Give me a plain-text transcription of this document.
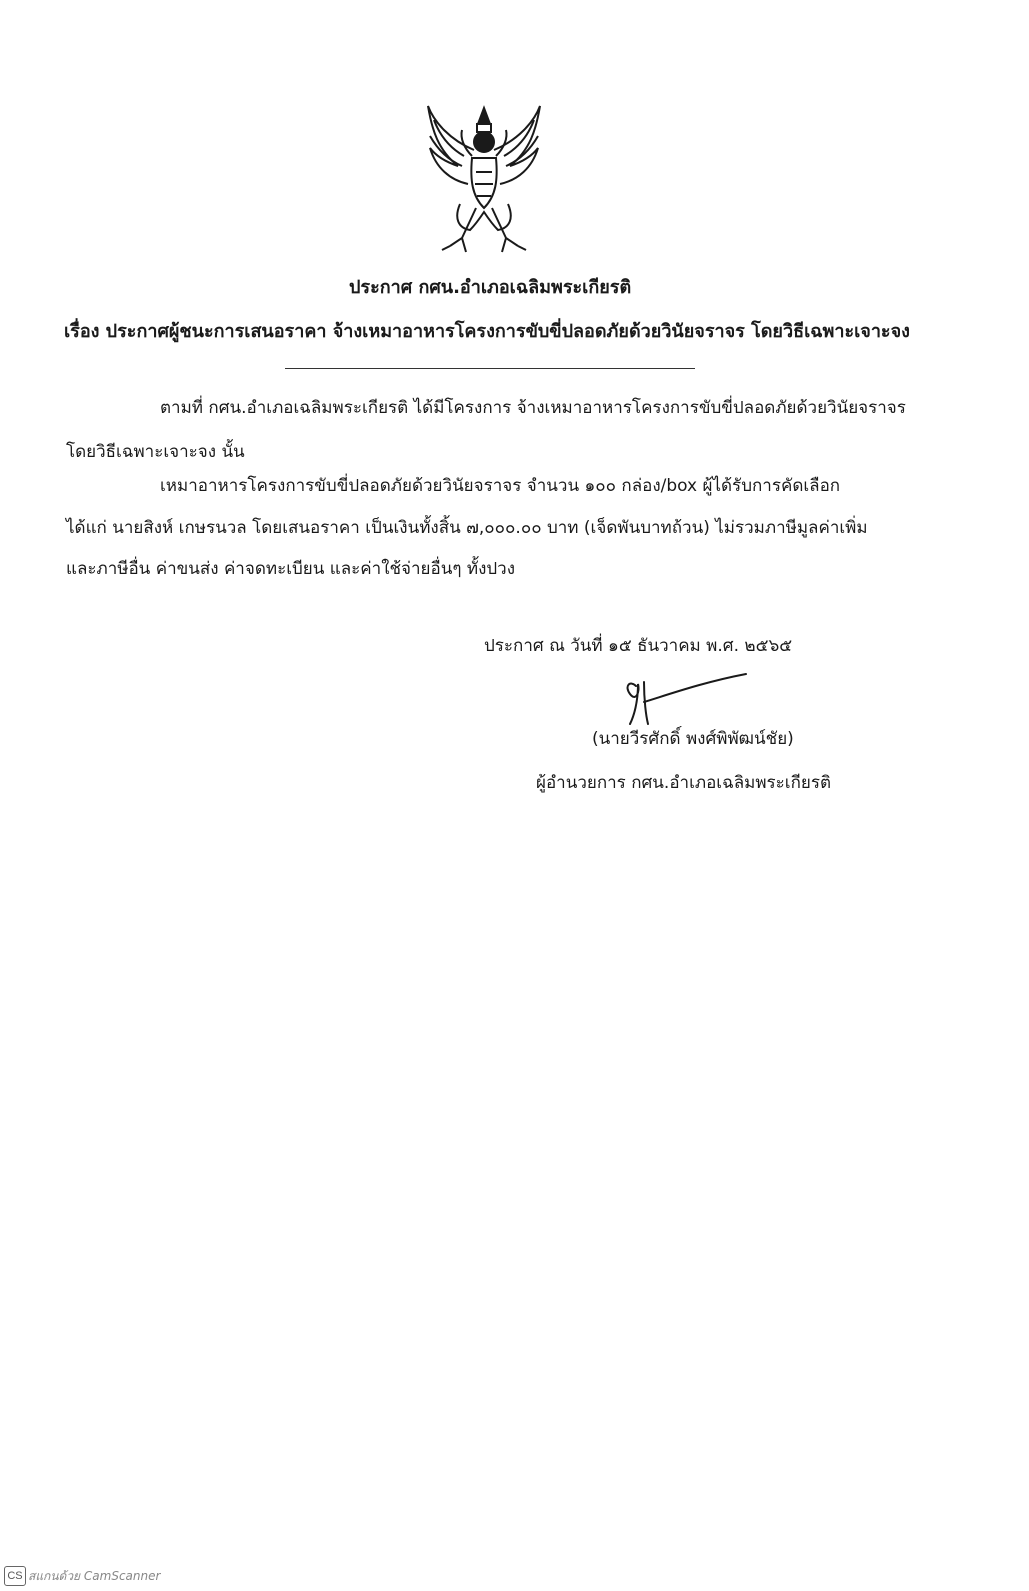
ประกาศ กศน.อำเภอเฉลิมพระเกียรติ
เรื่อง ประกาศผู้ชนะการเสนอราคา จ้างเหมาอาหารโครงการขับขี่ปลอดภัยด้วยวินัยจราจร โดยวิธีเฉพาะเจาะจง
ตามที่ กศน.อำเภอเฉลิมพระเกียรติ ได้มีโครงการ จ้างเหมาอาหารโครงการขับขี่ปลอดภัยด้วยวินัยจราจร
โดยวิธีเฉพาะเจาะจง นั้น
เหมาอาหารโครงการขับขี่ปลอดภัยด้วยวินัยจราจร จำนวน ๑๐๐ กล่อง/box ผู้ได้รับการคัดเลือก
ได้แก่ นายสิงห์ เกษรนวล โดยเสนอราคา เป็นเงินทั้งสิ้น ๗,๐๐๐.๐๐ บาท (เจ็ดพันบาทถ้วน) ไม่รวมภาษีมูลค่าเพิ่ม
และภาษีอื่น ค่าขนส่ง ค่าจดทะเบียน และค่าใช้จ่ายอื่นๆ ทั้งปวง
ประกาศ ณ วันที่ ๑๕ ธันวาคม พ.ศ. ๒๕๖๕
(นายวีรศักดิ์ พงศ์พิพัฒน์ชัย)
ผู้อำนวยการ กศน.อำเภอเฉลิมพระเกียรติ
CS สแกนด้วย CamScanner
